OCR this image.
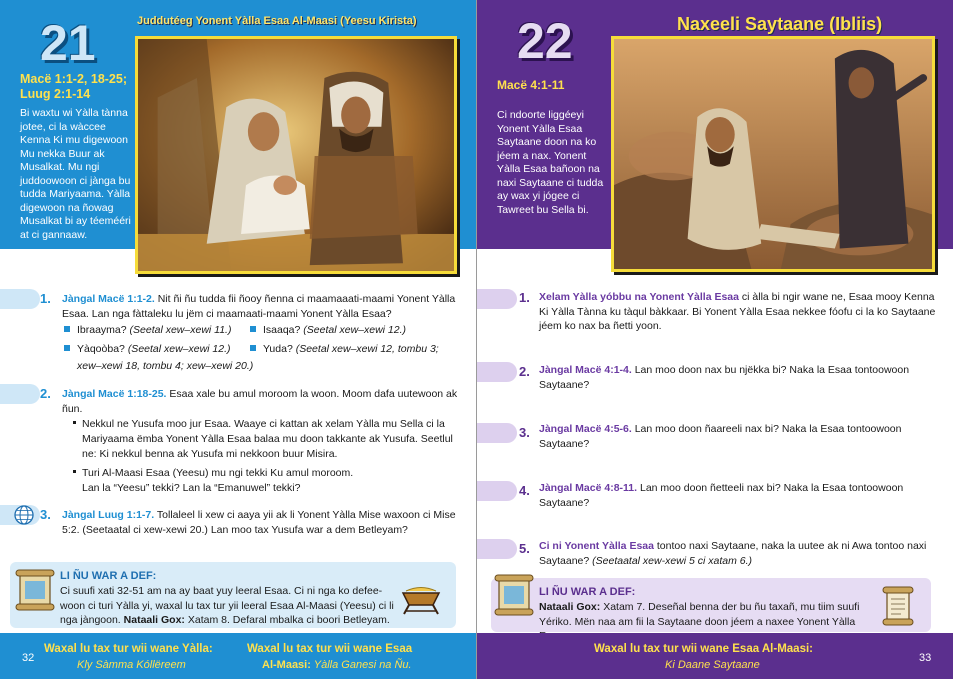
21	Juddutéeg Yonent Yàlla Esaa Al-Maasi (Yeesu Kirista)
Macë 1:1-2, 18-25;
Luug 2:1-14
Bi waxtu wi Yàlla tànna jotee, ci la wàccee Kenna Ki mu digewoon Mu nekka Buur ak Musalkat. Mu ngi juddoowoon ci jànga bu tudda Mariyaama. Yàlla digewoon na ñowag Musalkat bi ay téemééri at ci gannaaw.
1. Jàngal Macë 1:1-2. Nit ñi ñu tudda fii ñooy ñenna ci maamaaati-maami Yonent Yàlla Esaa. Lan nga fàttaleku lu jëm ci maamaati-maami Yonent Yàlla Esaa?
Ibraayma? (Seetal xew–xewi 11.)	Isaaqa? (Seetal xew–xewi 12.)
Yàqoòba? (Seetal xew–xewi 12.)	Yuda? (Seetal xew–xewi 12, tombu 3;
xew–xewi 18, tombu 4; xew–xewi 20.)
2. Jàngal Macë 1:18-25. Esaa xale bu amul moroom la woon. Moom dafa uutewoon ak
ñun.
Nekkul ne Yusufa moo jur Esaa. Waaye ci kattan ak xelam Yàlla mu Sella ci la
Mariyaama ëmba Yonent Yàlla Esaa balaa mu doon takkante ak Yusufa. Seetlul
ne: Ki nekkul benna ak Yusufa mi nekkoon buur Misira.
Turi Al-Maasi Esaa (Yeesu) mu ngi tekki Ku amul moroom.
Lan la “Yeesu” tekki? Lan la “Emanuwel” tekki?
3. Jàngal Luug 1:1-7. Tollaleel li xew ci aaya yii ak li Yonent Yàlla Mise waxoon ci Mise
5:2. (Seetaatal ci xew-xewi 20.) Lan moo tax Yusufa war a dem Betleyam?
LI ÑU WAR A DEF:
Ci suufi xati 32-51 am na ay baat yuy leeral Esaa. Ci ni nga ko defee-
woon ci turi Yàlla yi, waxal lu tax tur yii leeral Esaa Al-Maasi (Yeesu) ci li
nga jàngoon. Nataali Gox: Xatam 8. Defaral mbalka ci boori Betleyam.
32
Waxal lu tax tur wii wane Yàlla:
Kly Sàmma Kóllëreem
Waxal lu tax tur wii wane Esaa
Al-Maasi: Yàlla Ganesi na Ñu.
22	Naxeeli Saytaane (Ibliis)
Macë 4:1-11
Ci ndoorte liggéeyi Yonent Yàlla Esaa Saytaane doon na ko jéem a nax. Yonent Yàlla Esaa bañoon na naxi Saytaane ci tudda ay wax yi jógee ci Tawreet bu Sella bi.
1. Xelam Yàlla yóbbu na Yonent Yàlla Esaa ci àlla bi ngir wane ne, Esaa mooy Kenna
Ki Yàlla Tànna ku tàqul bàkkaar. Bi Yonent Yàlla Esaa nekkee fóofu ci la ko Saytaane
jéem ko nax ba ñetti yoon.
2. Jàngal Macë 4:1-4. Lan moo doon nax bu njëkka bi? Naka la Esaa tontoowoon
Saytaane?
3. Jàngal Macë 4:5-6. Lan moo doon ñaareeli nax bi? Naka la Esaa tontoowoon
Saytaane?
4. Jàngal Macë 4:8-11. Lan moo doon ñetteeli nax bi? Naka la Esaa tontoowoon
Saytaane?
5. Ci ni Yonent Yàlla Esaa tontoo naxi Saytaane, naka la uutee ak ni Awa tontoo naxi
Saytaane? (Seetaatal xew-xewi 5 ci xatam 6.)
LI ÑU WAR A DEF:
Nataali Gox: Xatam 7. Deseñal benna der bu ñu taxañ, mu tiim suufi
Yériko. Mën naa am fii la Saytaane doon jéem a naxee Yonent Yàlla
Waxal lu tax tur wii wane Esaa Al-Maasi:
Ki Daane Saytaane
33
